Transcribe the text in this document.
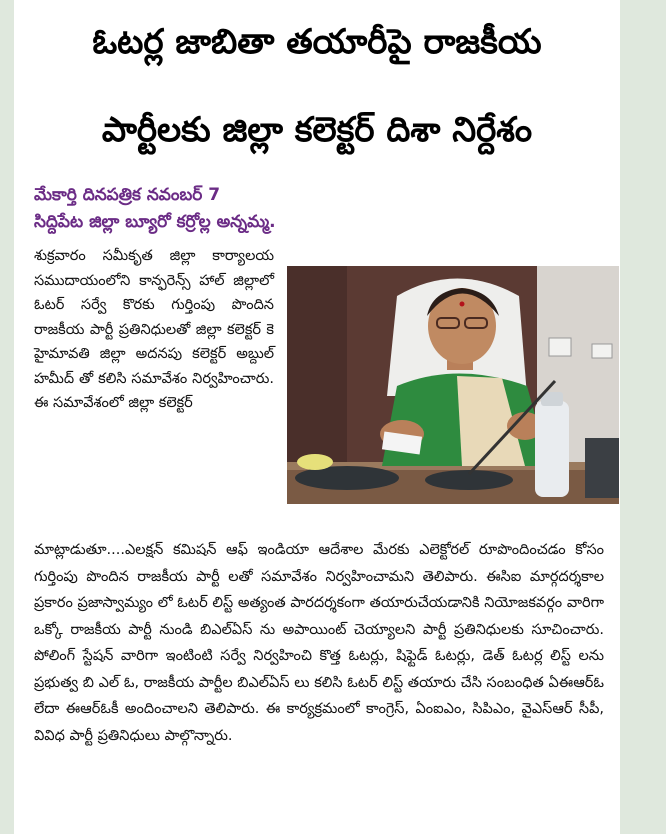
ఓటర్ల జాబితా తయారీపై రాజకీయ
పార్టీలకు జిల్లా కలెక్టర్ దిశా నిర్దేశం
మేకార్తి దినపత్రిక నవంబర్ 7
సిద్దిపేట జిల్లా బ్యూరో కర్రోల్ల అన్నమ్మ.
శుక్రవారం సమీకృత జిల్లా కార్యాలయ సముదాయంలోని కాన్ఫరెన్స్ హాల్ జిల్లాలో ఓటర్ సర్వే కొరకు గుర్తింపు పొందిన రాజకీయ పార్టీ ప్రతినిధులతో జిల్లా కలెక్టర్ కె హైమావతి జిల్లా అదనపు కలెక్టర్ అబ్దుల్ హమీద్ తో కలిసి సమావేశం నిర్వహించారు. ఈ సమావేశంలో జిల్లా కలెక్టర్
మాట్లాడుతూ....ఎలక్షన్ కమిషన్ ఆఫ్ ఇండియా ఆదేశాల మేరకు ఎలెక్టోరల్ రూపొందించడం కోసం గుర్తింపు పొందిన రాజకీయ పార్టీ లతో సమావేశం నిర్వహించామని తెలిపారు. ఈసిఐ మార్గదర్శకాల ప్రకారం ప్రజాస్వామ్యం లో ఓటర్ లిస్ట్ అత్యంత పారదర్శకంగా తయారుచేయడానికి నియోజకవర్గం వారిగా ఒక్కో రాజకీయ పార్టీ నుండి బిఎల్ఏస్ ను అపాయింట్ చెయ్యాలని పార్టీ ప్రతినిధులకు సూచించారు. పోలింగ్ స్టేషన్ వారిగా ఇంటింటి సర్వే నిర్వహించి కొత్త ఓటర్లు, షిఫ్టెడ్ ఓటర్లు, డెత్ ఓటర్ల లిస్ట్ లను ప్రభుత్వ బి ఎల్ ఓ, రాజకీయ పార్టీల బిఎల్ఏస్ లు కలిసి ఓటర్ లిస్ట్ తయారు చేసి సంబంధిత ఏఈఆర్ఓ లేదా ఈఆర్ఓకీ అందించాలని తెలిపారు. ఈ కార్యక్రమంలో కాంగ్రెస్, ఏంఐఎం, సిపిఎం, వైఎస్ఆర్ సీపీ, వివిధ పార్టీ ప్రతినిధులు పాల్గొన్నారు.
